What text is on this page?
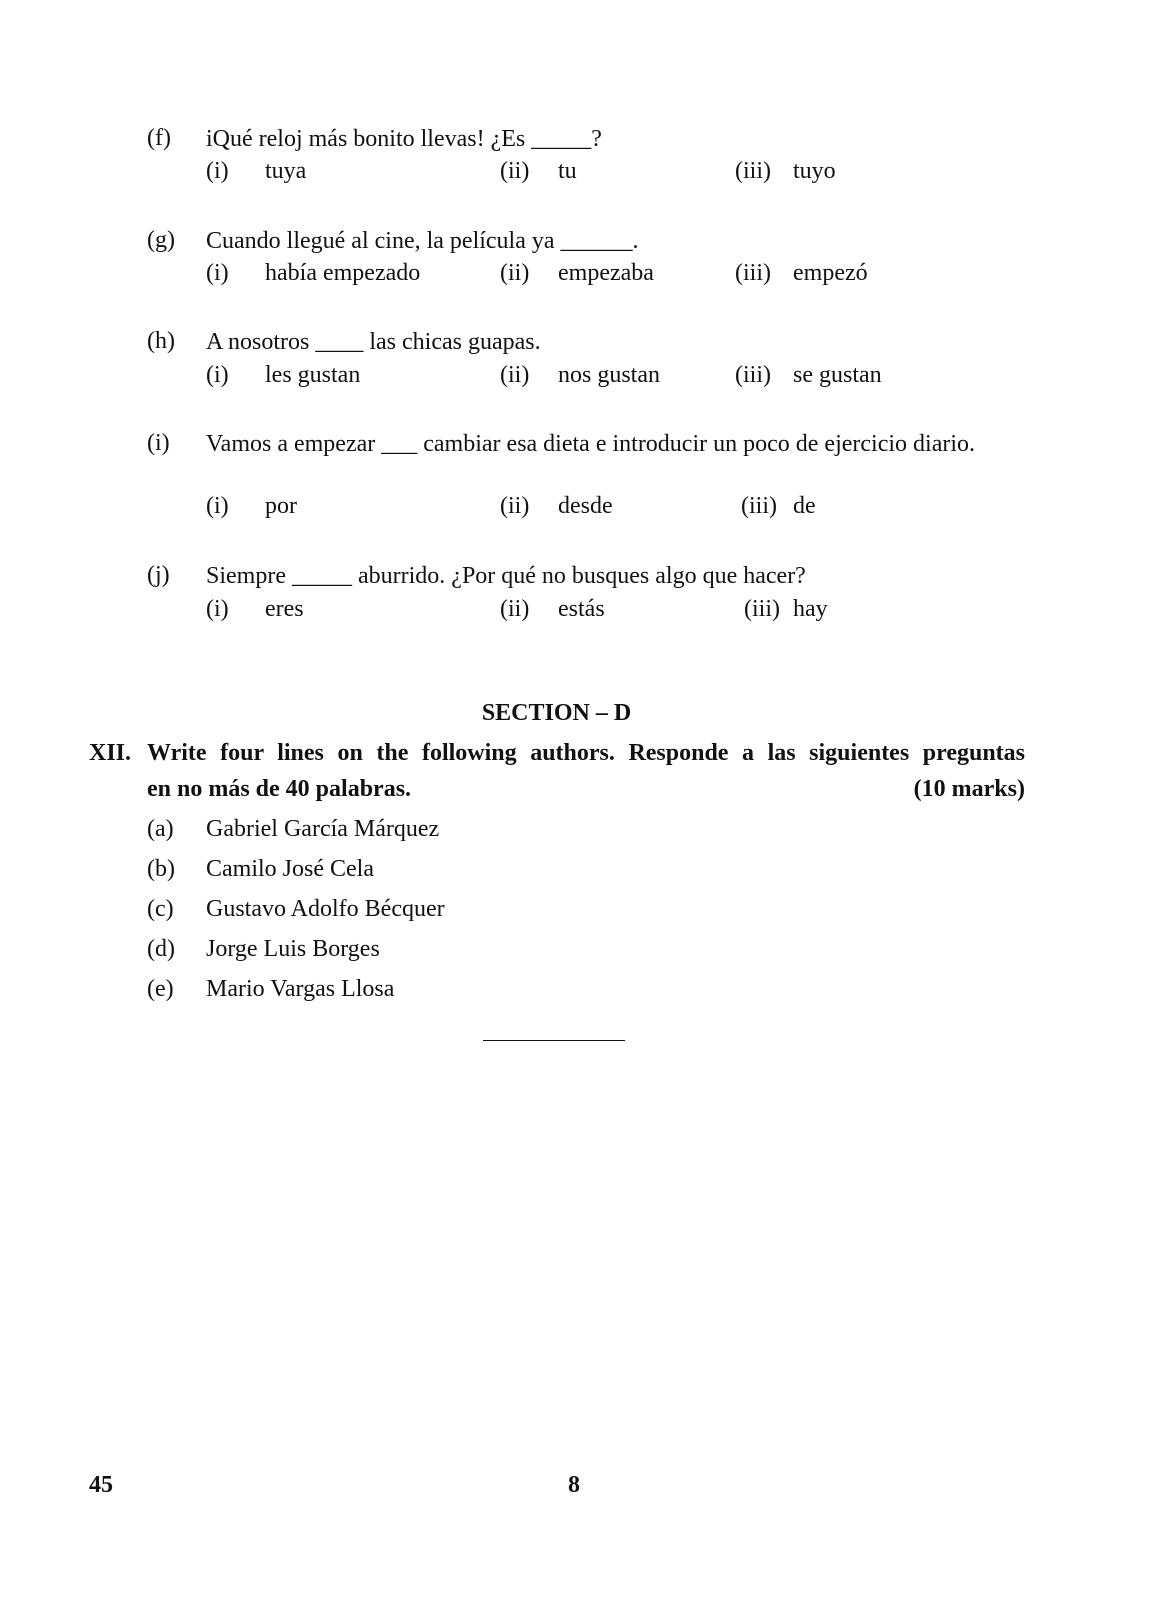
(f) iQué reloj más bonito llevas! ¿Es _____?
(i) tuya	(ii) tu	(iii) tuyo
(g) Cuando llegué al cine, la película ya ______.
(i) había empezado	(ii) empezaba	(iii) empezó
(h) A nosotros ____ las chicas guapas.
(i) les gustan	(ii) nos gustan	(iii) se gustan
(i) Vamos a empezar ___ cambiar esa dieta e introducir un poco de ejercicio diario.
(i) por	(ii) desde	(iii) de
(j) Siempre _____ aburrido. ¿Por qué no busques algo que hacer?
(i) eres	(ii) estás	(iii) hay
SECTION – D
XII. Write four lines on the following authors. Responde a las siguientes preguntas
en no más de 40 palabras.	(10 marks)
(a) Gabriel García Márquez
(b) Camilo José Cela
(c) Gustavo Adolfo Bécquer
(d) Jorge Luis Borges
(e) Mario Vargas Llosa
45	8
